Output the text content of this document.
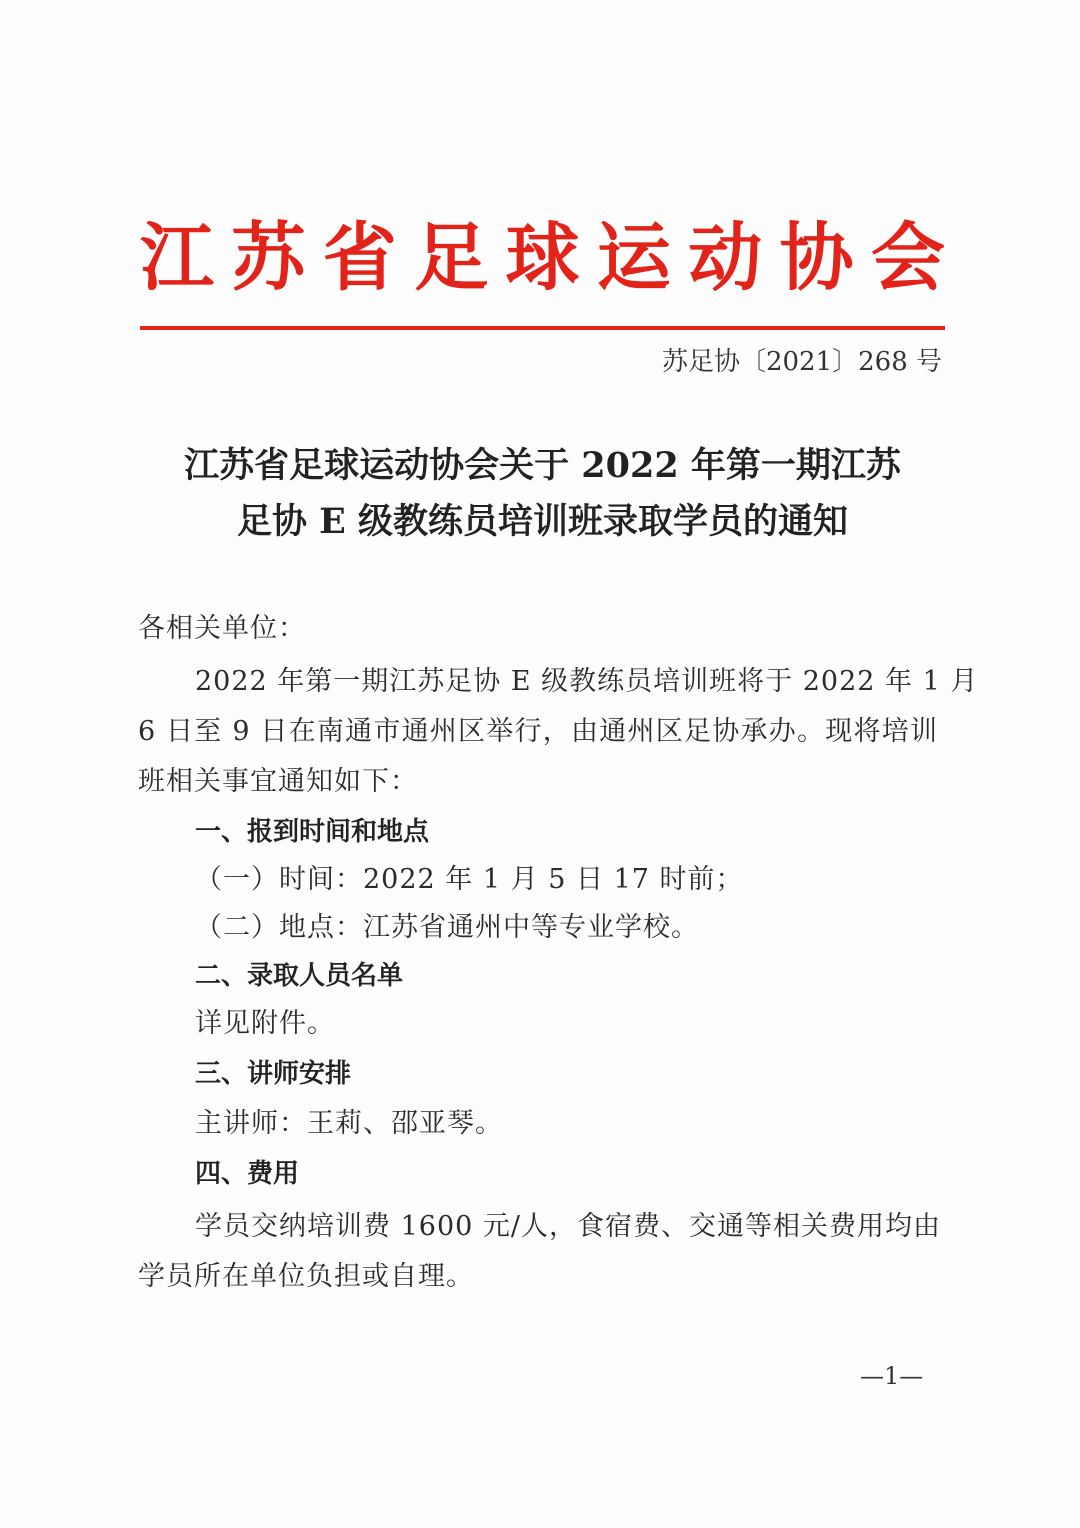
江苏省足球运动协会
苏足协〔2021〕268 号
江苏省足球运动协会关于 2022 年第一期江苏
足协 E 级教练员培训班录取学员的通知
各相关单位：
2022 年第一期江苏足协 E 级教练员培训班将于 2022 年 1 月
6 日至 9 日在南通市通州区举行，由通州区足协承办。现将培训
班相关事宜通知如下：
一、报到时间和地点
（一）时间：2022 年 1 月 5 日 17 时前；
（二）地点：江苏省通州中等专业学校。
二、录取人员名单
详见附件。
三、讲师安排
主讲师：王莉、邵亚琴。
四、费用
学员交纳培训费 1600 元/人，食宿费、交通等相关费用均由
学员所在单位负担或自理。
—1—
